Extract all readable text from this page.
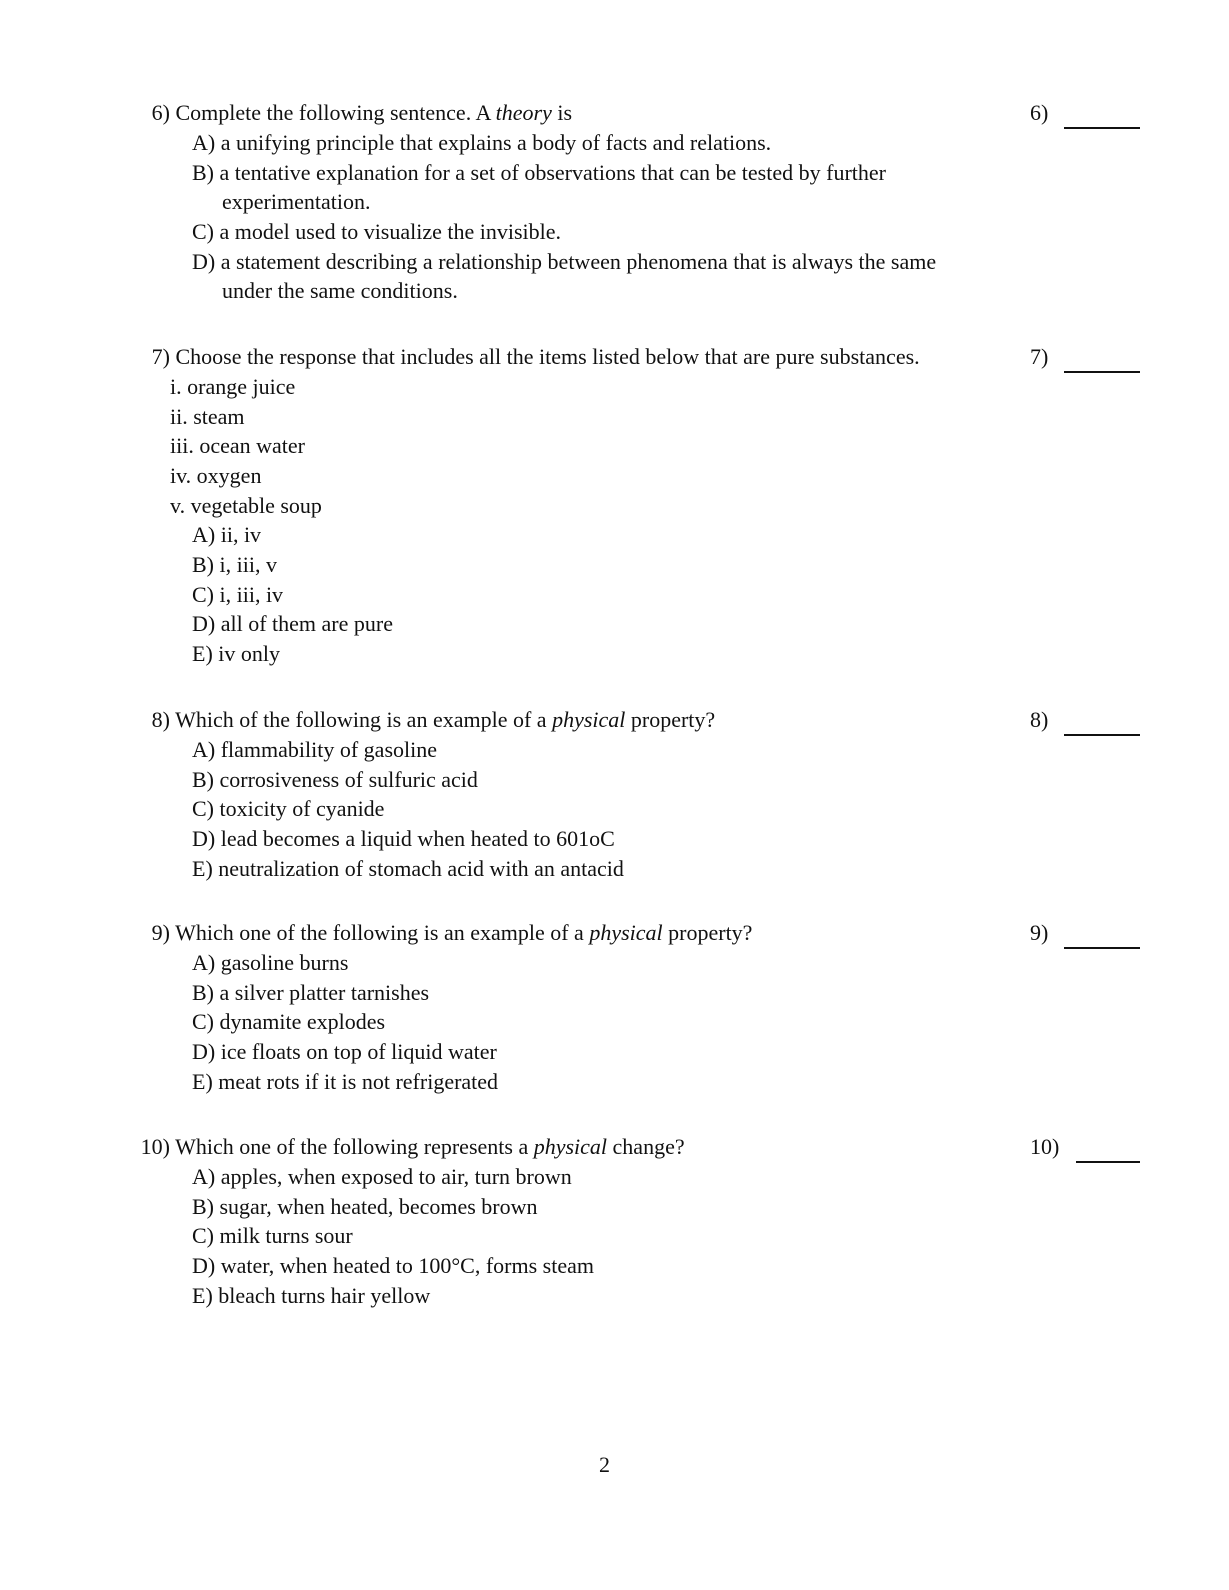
6) Complete the following sentence. A theory is	6)
A) a unifying principle that explains a body of facts and relations.
B) a tentative explanation for a set of observations that can be tested by further
experimentation.
C) a model used to visualize the invisible.
D) a statement describing a relationship between phenomena that is always the same
under the same conditions.
7) Choose the response that includes all the items listed below that are pure substances.	7)
i. orange juice
ii. steam
iii. ocean water
iv. oxygen
v. vegetable soup
A) ii, iv
B) i, iii, v
C) i, iii, iv
D) all of them are pure
E) iv only
8) Which of the following is an example of a physical property?	8)
A) flammability of gasoline
B) corrosiveness of sulfuric acid
C) toxicity of cyanide
D) lead becomes a liquid when heated to 601oC
E) neutralization of stomach acid with an antacid
9) Which one of the following is an example of a physical property?	9)
A) gasoline burns
B) a silver platter tarnishes
C) dynamite explodes
D) ice floats on top of liquid water
E) meat rots if it is not refrigerated
10) Which one of the following represents a physical change?	10)
A) apples, when exposed to air, turn brown
B) sugar, when heated, becomes brown
C) milk turns sour
D) water, when heated to 100°C, forms steam
E) bleach turns hair yellow
2
